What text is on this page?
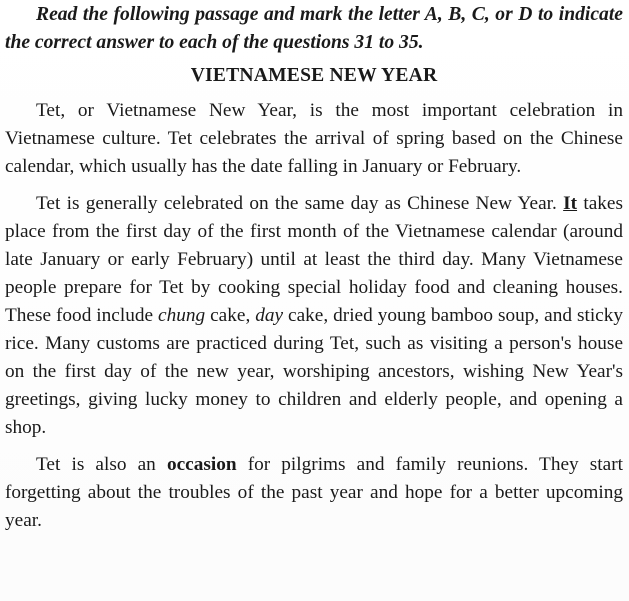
Read the following passage and mark the letter A, B, C, or D to indicate the correct answer to each of the questions 31 to 35.

VIETNAMESE NEW YEAR

Tet, or Vietnamese New Year, is the most important celebration in Vietnamese culture. Tet celebrates the arrival of spring based on the Chinese calendar, which usually has the date falling in January or February.

Tet is generally celebrated on the same day as Chinese New Year. It takes place from the first day of the first month of the Vietnamese calendar (around late January or early February) until at least the third day. Many Vietnamese people prepare for Tet by cooking special holiday food and cleaning houses. These food include chung cake, day cake, dried young bamboo soup, and sticky rice. Many customs are practiced during Tet, such as visiting a person's house on the first day of the new year, worshiping ancestors, wishing New Year's greetings, giving lucky money to children and elderly people, and opening a shop.

Tet is also an occasion for pilgrims and family reunions. They start forgetting about the troubles of the past year and hope for a better upcoming year.
